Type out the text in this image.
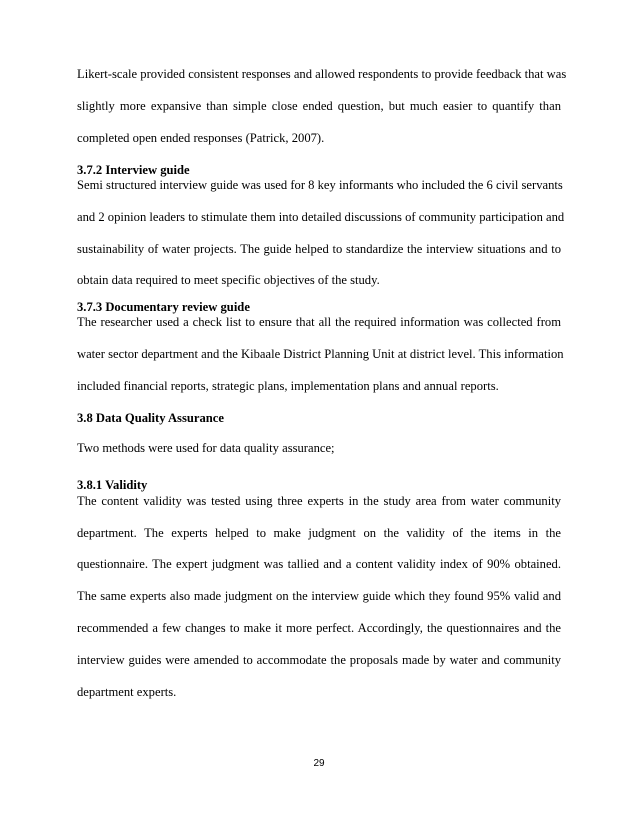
Likert-scale provided consistent responses and allowed respondents to provide feedback that was
slightly more expansive than simple close ended question, but much easier to quantify than
completed open ended responses (Patrick, 2007).
3.7.2 Interview guide
Semi structured interview guide was used for 8 key informants who included the 6 civil servants
and 2 opinion leaders to stimulate them into detailed discussions of community participation and
sustainability of water projects. The guide helped to standardize the interview situations and to
obtain data required to meet specific objectives of the study.
3.7.3 Documentary review guide
The researcher used a check list to ensure that all the required information was collected from
water sector department and the Kibaale District Planning Unit at district level. This information
included financial reports, strategic plans, implementation plans and annual reports.
3.8 Data Quality Assurance
Two methods were used for data quality assurance;
3.8.1 Validity
The content validity was tested using three experts in the study area from water community
department. The experts helped to make judgment on the validity of the items in the
questionnaire. The expert judgment was tallied and a content validity index of 90% obtained.
The same experts also made judgment on the interview guide which they found 95% valid and
recommended a few changes to make it more perfect. Accordingly, the questionnaires and the
interview guides were amended to accommodate the proposals made by water and community
department experts.
29
